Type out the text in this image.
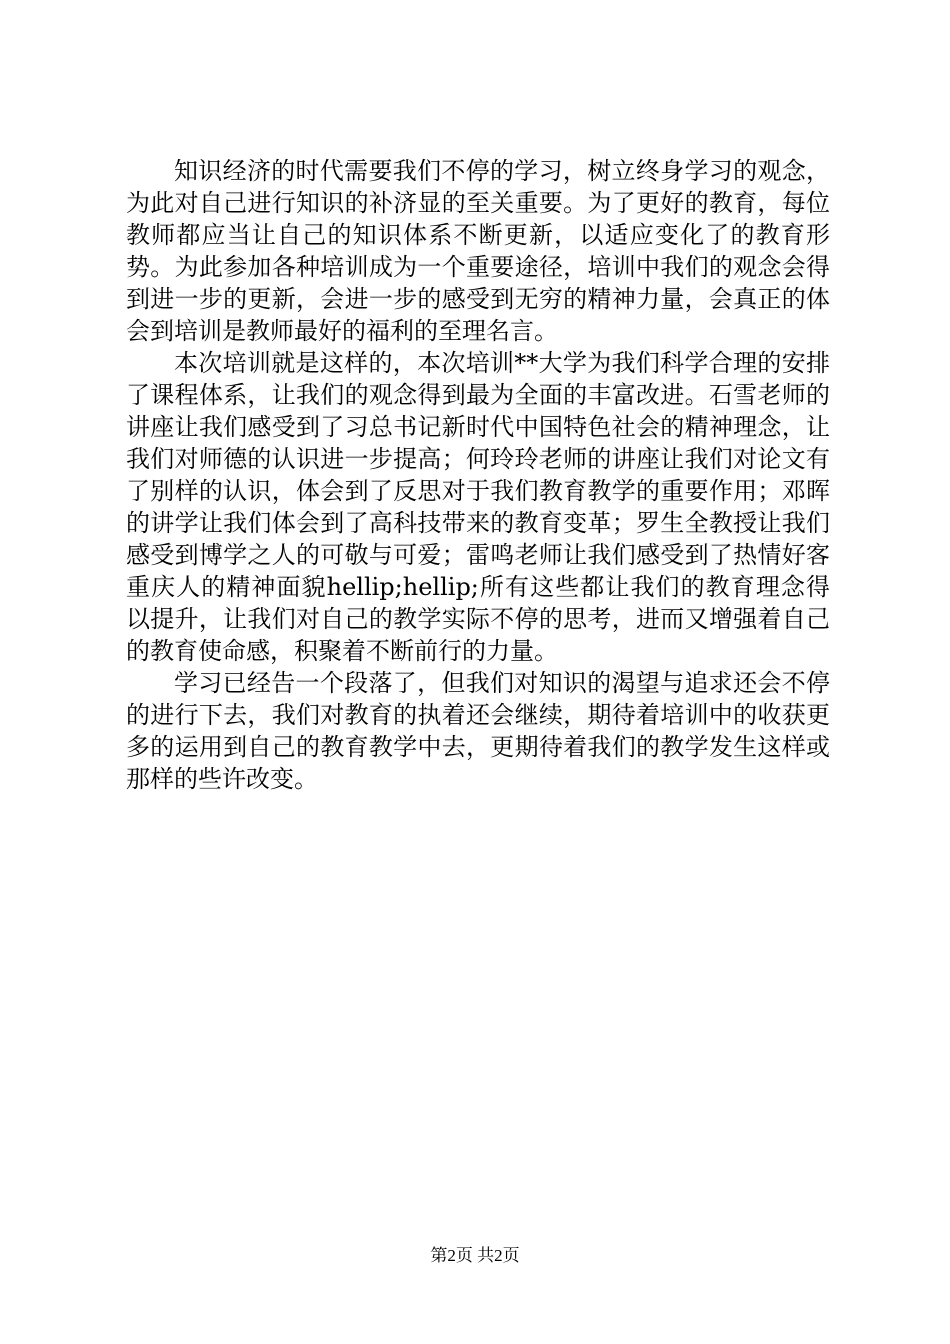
知识经济的时代需要我们不停的学习，树立终身学习的观念，为此对自己进行知识的补济显的至关重要。为了更好的教育，每位教师都应当让自己的知识体系不断更新，以适应变化了的教育形势。为此参加各种培训成为一个重要途径，培训中我们的观念会得到进一步的更新，会进一步的感受到无穷的精神力量，会真正的体会到培训是教师最好的福利的至理名言。

本次培训就是这样的，本次培训**大学为我们科学合理的安排了课程体系，让我们的观念得到最为全面的丰富改进。石雪老师的讲座让我们感受到了习总书记新时代中国特色社会的精神理念，让我们对师德的认识进一步提高；何玲玲老师的讲座让我们对论文有了别样的认识，体会到了反思对于我们教育教学的重要作用；邓晖的讲学让我们体会到了高科技带来的教育变革；罗生全教授让我们感受到博学之人的可敬与可爱；雷鸣老师让我们感受到了热情好客重庆人的精神面貌hellip;hellip;所有这些都让我们的教育理念得以提升，让我们对自己的教学实际不停的思考，进而又增强着自己的教育使命感，积聚着不断前行的力量。

学习已经告一个段落了，但我们对知识的渴望与追求还会不停的进行下去，我们对教育的执着还会继续，期待着培训中的收获更多的运用到自己的教育教学中去，更期待着我们的教学发生这样或那样的些许改变。

第2页 共2页
